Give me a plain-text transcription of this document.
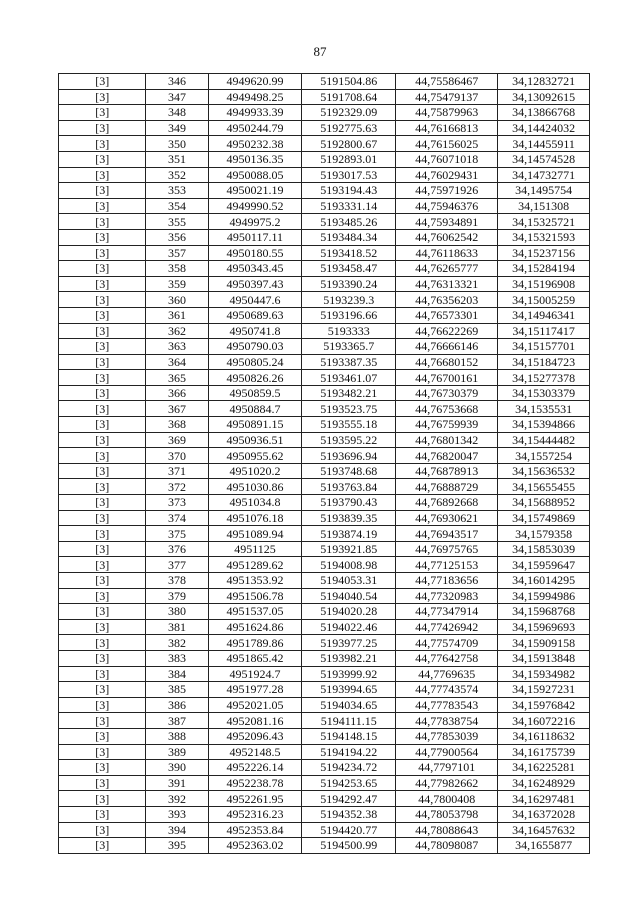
87
[3]	346	4949620.99	5191504.86	44,75586467	34,12832721
[3]	347	4949498.25	5191708.64	44,75479137	34,13092615
[3]	348	4949933.39	5192329.09	44,75879963	34,13866768
[3]	349	4950244.79	5192775.63	44,76166813	34,14424032
[3]	350	4950232.38	5192800.67	44,76156025	34,14455911
[3]	351	4950136.35	5192893.01	44,76071018	34,14574528
[3]	352	4950088.05	5193017.53	44,76029431	34,14732771
[3]	353	4950021.19	5193194.43	44,75971926	34,1495754
[3]	354	4949990.52	5193331.14	44,75946376	34,151308
[3]	355	4949975.2	5193485.26	44,75934891	34,15325721
[3]	356	4950117.11	5193484.34	44,76062542	34,15321593
[3]	357	4950180.55	5193418.52	44,76118633	34,15237156
[3]	358	4950343.45	5193458.47	44,76265777	34,15284194
[3]	359	4950397.43	5193390.24	44,76313321	34,15196908
[3]	360	4950447.6	5193239.3	44,76356203	34,15005259
[3]	361	4950689.63	5193196.66	44,76573301	34,14946341
[3]	362	4950741.8	5193333	44,76622269	34,15117417
[3]	363	4950790.03	5193365.7	44,76666146	34,15157701
[3]	364	4950805.24	5193387.35	44,76680152	34,15184723
[3]	365	4950826.26	5193461.07	44,76700161	34,15277378
[3]	366	4950859.5	5193482.21	44,76730379	34,15303379
[3]	367	4950884.7	5193523.75	44,76753668	34,1535531
[3]	368	4950891.15	5193555.18	44,76759939	34,15394866
[3]	369	4950936.51	5193595.22	44,76801342	34,15444482
[3]	370	4950955.62	5193696.94	44,76820047	34,1557254
[3]	371	4951020.2	5193748.68	44,76878913	34,15636532
[3]	372	4951030.86	5193763.84	44,76888729	34,15655455
[3]	373	4951034.8	5193790.43	44,76892668	34,15688952
[3]	374	4951076.18	5193839.35	44,76930621	34,15749869
[3]	375	4951089.94	5193874.19	44,76943517	34,1579358
[3]	376	4951125	5193921.85	44,76975765	34,15853039
[3]	377	4951289.62	5194008.98	44,77125153	34,15959647
[3]	378	4951353.92	5194053.31	44,77183656	34,16014295
[3]	379	4951506.78	5194040.54	44,77320983	34,15994986
[3]	380	4951537.05	5194020.28	44,77347914	34,15968768
[3]	381	4951624.86	5194022.46	44,77426942	34,15969693
[3]	382	4951789.86	5193977.25	44,77574709	34,15909158
[3]	383	4951865.42	5193982.21	44,77642758	34,15913848
[3]	384	4951924.7	5193999.92	44,7769635	34,15934982
[3]	385	4951977.28	5193994.65	44,77743574	34,15927231
[3]	386	4952021.05	5194034.65	44,77783543	34,15976842
[3]	387	4952081.16	5194111.15	44,77838754	34,16072216
[3]	388	4952096.43	5194148.15	44,77853039	34,16118632
[3]	389	4952148.5	5194194.22	44,77900564	34,16175739
[3]	390	4952226.14	5194234.72	44,7797101	34,16225281
[3]	391	4952238.78	5194253.65	44,77982662	34,16248929
[3]	392	4952261.95	5194292.47	44,7800408	34,16297481
[3]	393	4952316.23	5194352.38	44,78053798	34,16372028
[3]	394	4952353.84	5194420.77	44,78088643	34,16457632
[3]	395	4952363.02	5194500.99	44,78098087	34,1655877
